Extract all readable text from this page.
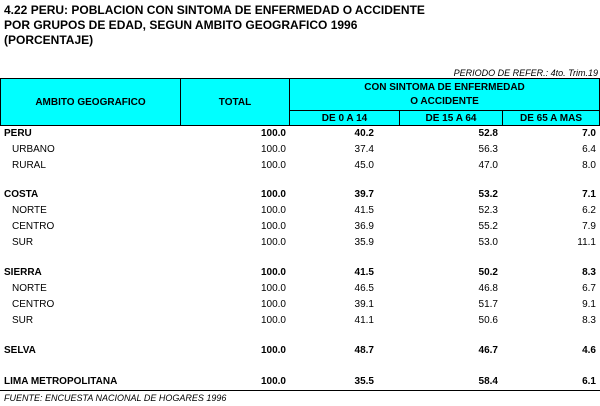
4.22 PERU: POBLACION CON SINTOMA DE ENFERMEDAD O ACCIDENTE
POR GRUPOS DE EDAD, SEGUN AMBITO GEOGRAFICO 1996
(PORCENTAJE)
PERIODO DE REFER.: 4to. Trim.19
AMBITO GEOGRAFICO	TOTAL
CON SINTOMA DE ENFERMEDAD
O ACCIDENTE
DE 0 A 14	DE 15 A 64	DE 65 A MAS
PERU	100.0	40.2	52.8	7.0
URBANO	100.0	37.4	56.3	6.4
RURAL	100.0	45.0	47.0	8.0
COSTA	100.0	39.7	53.2	7.1
NORTE	100.0	41.5	52.3	6.2
CENTRO	100.0	36.9	55.2	7.9
SUR	100.0	35.9	53.0	11.1
SIERRA	100.0	41.5	50.2	8.3
NORTE	100.0	46.5	46.8	6.7
CENTRO	100.0	39.1	51.7	9.1
SUR	100.0	41.1	50.6	8.3
SELVA	100.0	48.7	46.7	4.6
LIMA METROPOLITANA	100.0	35.5	58.4	6.1
FUENTE: ENCUESTA NACIONAL DE HOGARES 1996
